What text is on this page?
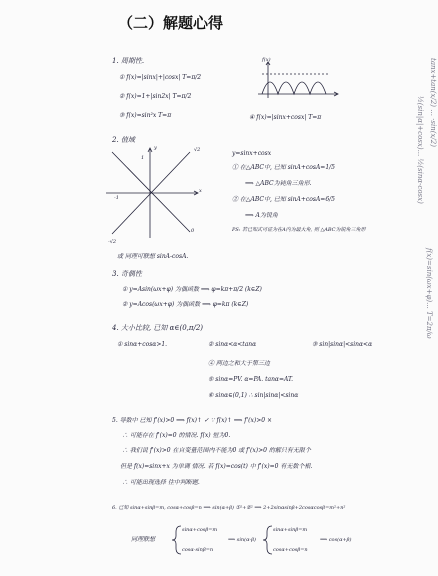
（二）解题心得
1. 周期性.
① f(x)=|sinx|+|cosx| T=π/2
② f(x)=1+|sin2x| T=π/2
③ f(x)=sin²x T=π	④ f(x)=|sinx+cosx| T=π
f(x)
2. 值域
y
x
1
-1
√2
-√2
0
y=sinx+cosx
① 在△ABC中, 已知 sinA+cosA=1/5
⟹ △ABC为钝角三角形.
② 在△ABC中, 已知 sinA+cosA=6/5
⟹ A为锐角
PS: 若已知式可证为在A内为最大角, 则 △ABC为锐角三角形
或 同理可联想 sinA-cosA.
3. 奇偶性
① y=Asin(ωx+φ) 为偶函数 ⟹ φ=kπ+π/2 (k∈Z)
② y=Acos(ωx+φ) 为偶函数 ⟹ φ=kπ (k∈Z)
4. 大小比较, 已知 α∈(0,π/2)
① sinα+cosα>1.	② sinα<α<tanα	③ sin|sinα|<sinα<α
④ 两边之和大于第三边
⑤ sinα=PV. α=PA. tanα=AT.
⑥ sinα∈(0,1) ∴ sin|sinα|<sinα
5. 导数中 已知 f'(x)>0 ⟹ f(x)↑ ✓ ∵ f(x)↑ ⟹ f'(x)>0 ×
∴ 可能存在 f'(x)=0 的情况. f(x) 恒为0.
∴ 我们说 f'(x)>0 在自变量范围内不能为0 或 f'(x)>0 的解只有无限个
但是 f(x)=sinx+x 为单调 情况. 若 f(x)=cos(t) 中 f'(x)=0 有无数个根.
∴ 可能出现选择 往中判断题.
6. 已知 sinα+sinβ=m, cosα+cosβ=n ⟹ sin(α+β) ①²+②² ⟹ 2+2sinαsinβ+2cosαcosβ=m²+n²
同理联想
sinα+cosβ=m
cosα-sinβ=n
⟹ sin(α-β)
sinα+sinβ=m
cosα+cosβ=n
⟹ cos(α+β)
tanx+tan(x/2) ... ·sin(x/2)
½(sin|α|+cosx)... ½(sinα-cosx)
f(x)=sin(ωx+φ)... T=2π/ω
